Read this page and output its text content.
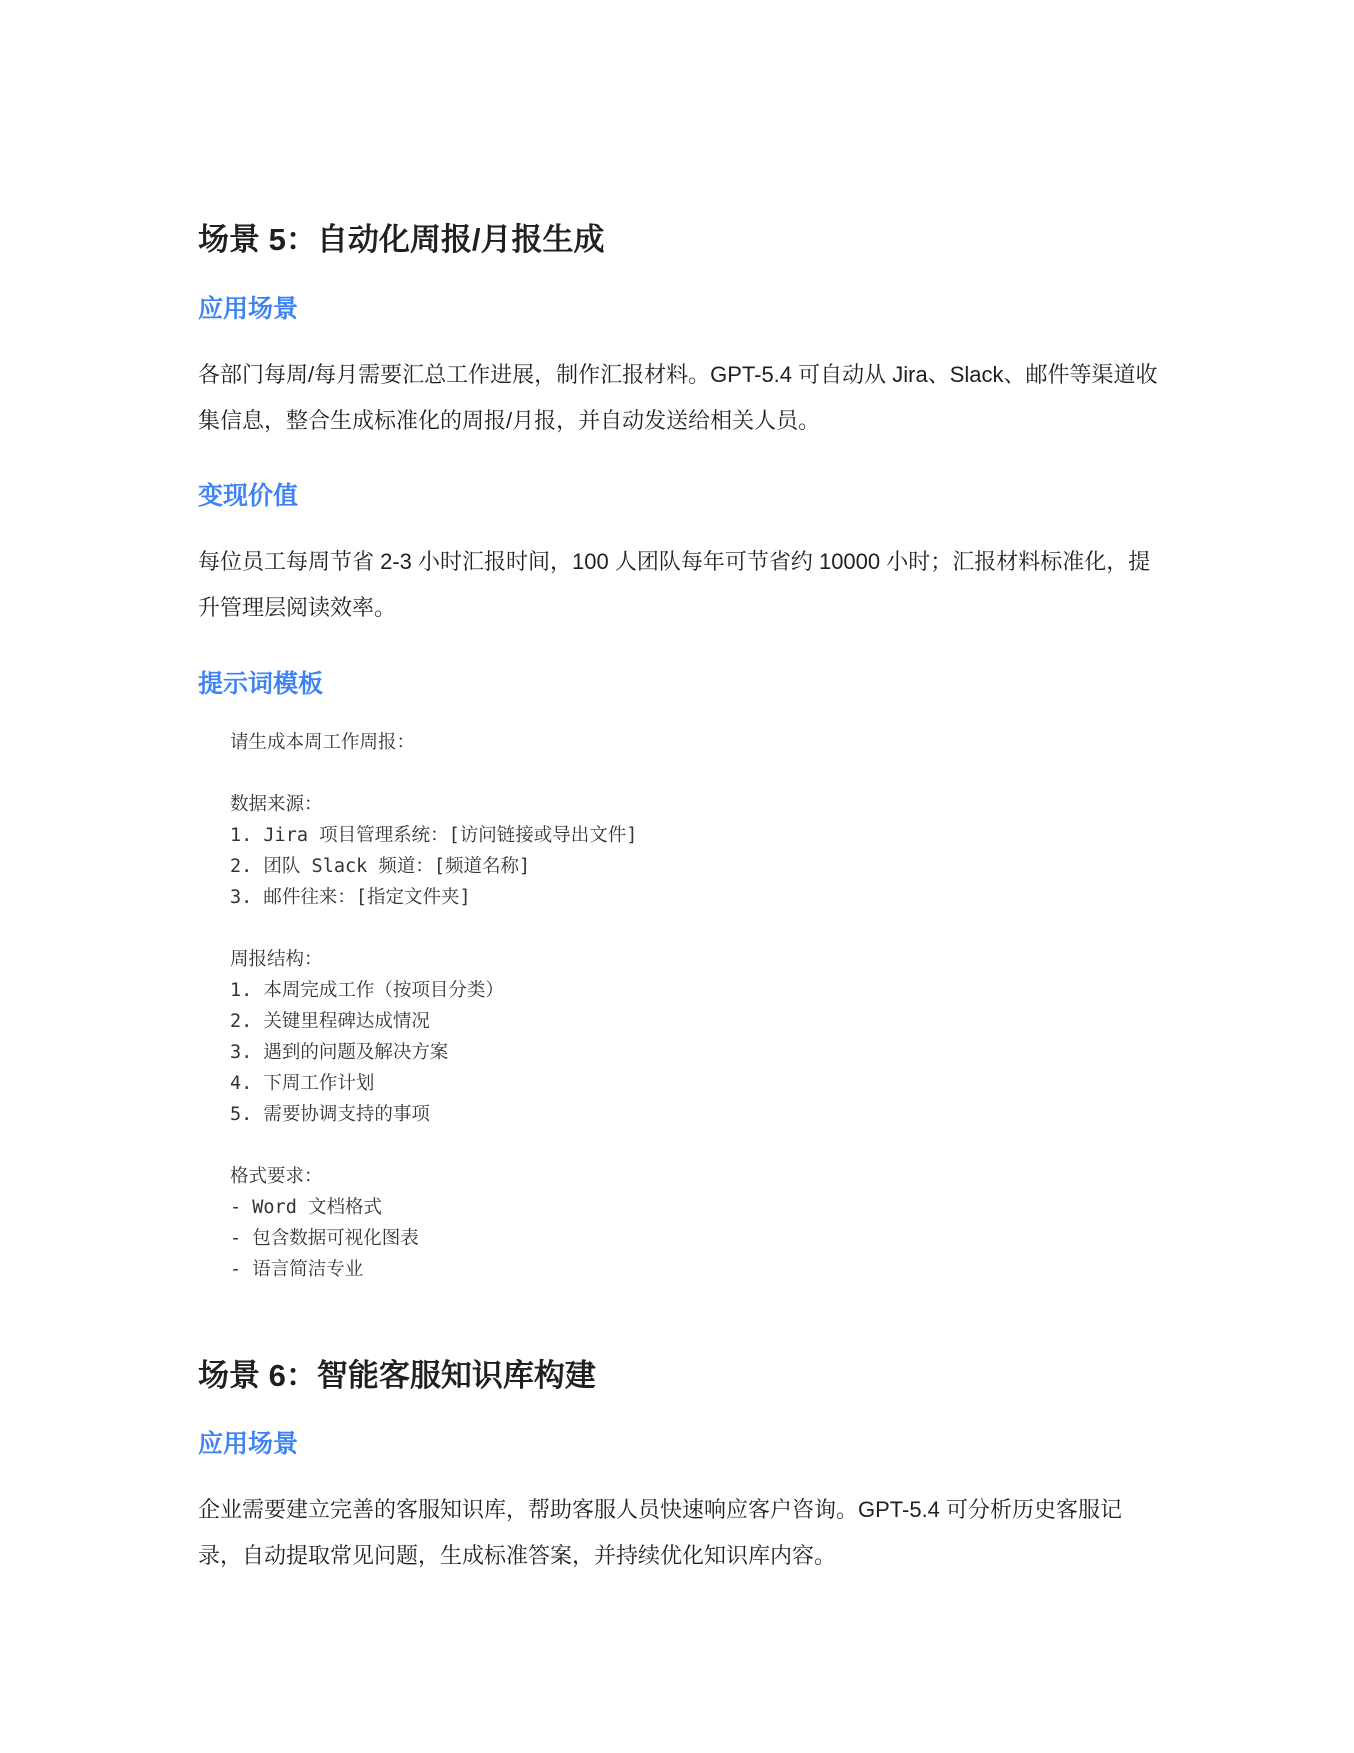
场景 5：自动化周报/月报生成
应用场景

各部门每周/每月需要汇总工作进展，制作汇报材料。GPT-5.4 可自动从 Jira、Slack、邮件等渠道收集信息，整合生成标准化的周报/月报，并自动发送给相关人员。

变现价值

每位员工每周节省 2-3 小时汇报时间，100 人团队每年可节省约 10000 小时；汇报材料标准化，提升管理层阅读效率。

提示词模板
请生成本周工作周报：
数据来源：
1. Jira 项目管理系统：[访问链接或导出文件]
2. 团队 Slack 频道：[频道名称]
3. 邮件往来：[指定文件夹]
周报结构：
1. 本周完成工作（按项目分类）
2. 关键里程碑达成情况
3. 遇到的问题及解决方案
4. 下周工作计划
5. 需要协调支持的事项
格式要求：
- Word 文档格式
- 包含数据可视化图表
- 语言简洁专业
场景 6：智能客服知识库构建
应用场景

企业需要建立完善的客服知识库，帮助客服人员快速响应客户咨询。GPT-5.4 可分析历史客服记录，自动提取常见问题，生成标准答案，并持续优化知识库内容。
